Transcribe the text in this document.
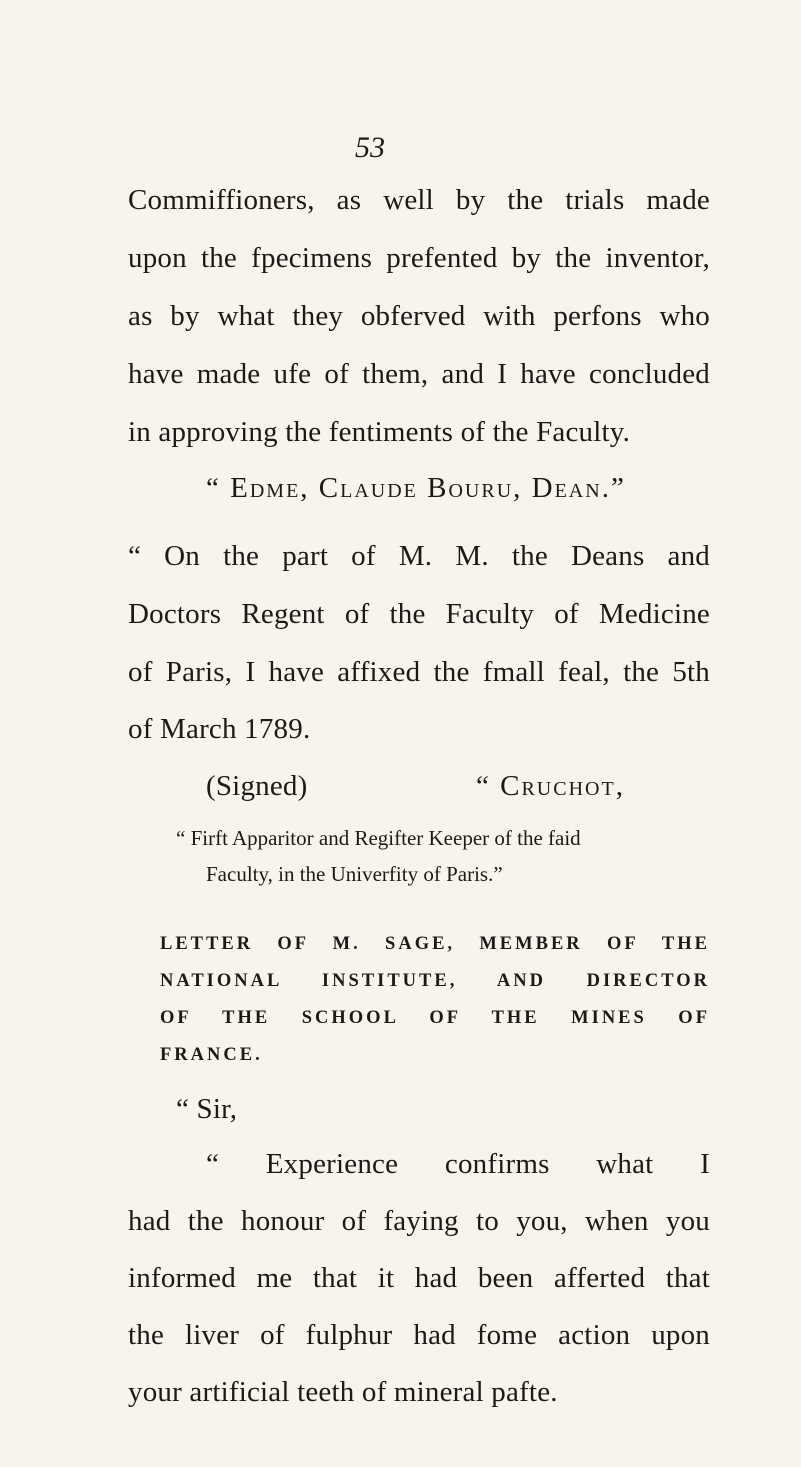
53
Commiffioners, as well by the trials made
upon the fpecimens prefented by the inventor,
as by what they obferved with perfons who
have made ufe of them, and I have concluded
in approving the fentiments of the Faculty.
“ Edme, Claude Bouru, Dean.”
“ On the part of M. M. the Deans and
Doctors Regent of the Faculty of Medicine
of Paris, I have affixed the fmall feal, the 5th
of March 1789.
(Signed)	“ Cruchot,
“ Firft Apparitor and Regifter Keeper of the faid
Faculty, in the Univerfity of Paris.”
LETTER OF M. SAGE, MEMBER OF THE
NATIONAL INSTITUTE, AND DIRECTOR
OF THE SCHOOL OF THE MINES OF
FRANCE.
“ Sir,
“ Experience confirms what I
had the honour of faying to you, when you
informed me that it had been afferted that
the liver of fulphur had fome action upon
your artificial teeth of mineral pafte.
